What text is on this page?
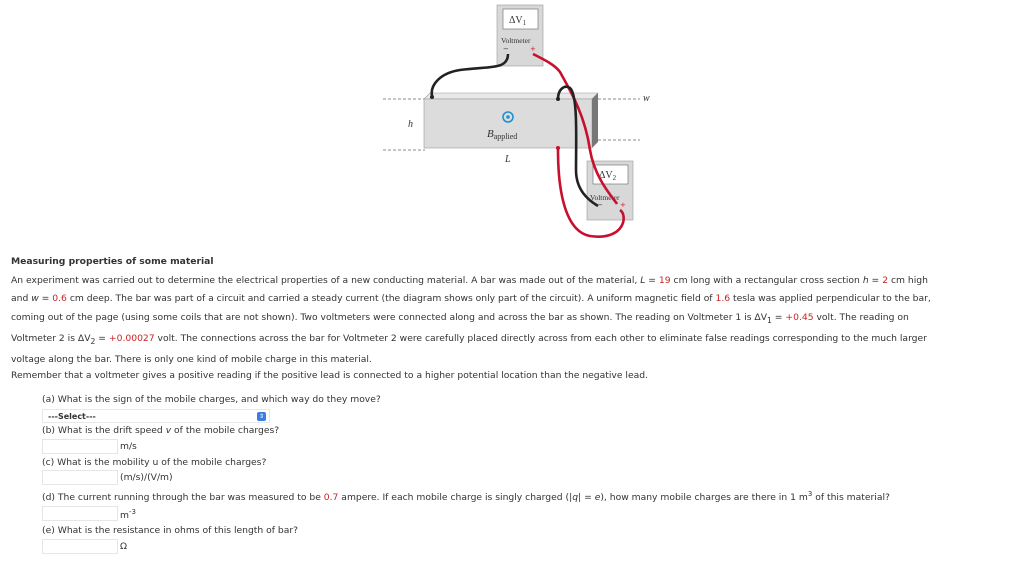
h
w
Bapplied
L
$\Delta V_1$
Voltmeter
−	+
$\Delta V_2$
Voltmeter
− +
Measuring properties of some material
An experiment was carried out to determine the electrical properties of a new conducting material. A bar was made out of the material, L = 19 cm long with a rectangular cross section h = 2 cm high
and w = 0.6 cm deep. The bar was part of a circuit and carried a steady current (the diagram shows only part of the circuit). A uniform magnetic field of 1.6 tesla was applied perpendicular to the bar,
coming out of the page (using some coils that are not shown). Two voltmeters were connected along and across the bar as shown. The reading on Voltmeter 1 is $\Delta V_1 = +0.45$ volt. The reading on
Voltmeter 2 is $\Delta V_2 = +0.00027$ volt. The connections across the bar for Voltmeter 2 were carefully placed directly across from each other to eliminate false readings corresponding to the much larger
voltage along the bar. There is only one kind of mobile charge in this material.
Remember that a voltmeter gives a positive reading if the positive lead is connected to a higher potential location than the negative lead.
(a) What is the sign of the mobile charges, and which way do they move?
---Select---	⇕
(b) What is the drift speed v of the mobile charges?
m/s
(c) What is the mobility u of the mobile charges?
(m/s)/(V/m)
(d) The current running through the bar was measured to be 0.7 ampere. If each mobile charge is singly charged (|q| = e), how many mobile charges are there in 1 $m^3$ of this material?
$m^{-3}$
(e) What is the resistance in ohms of this length of bar?
Ω
